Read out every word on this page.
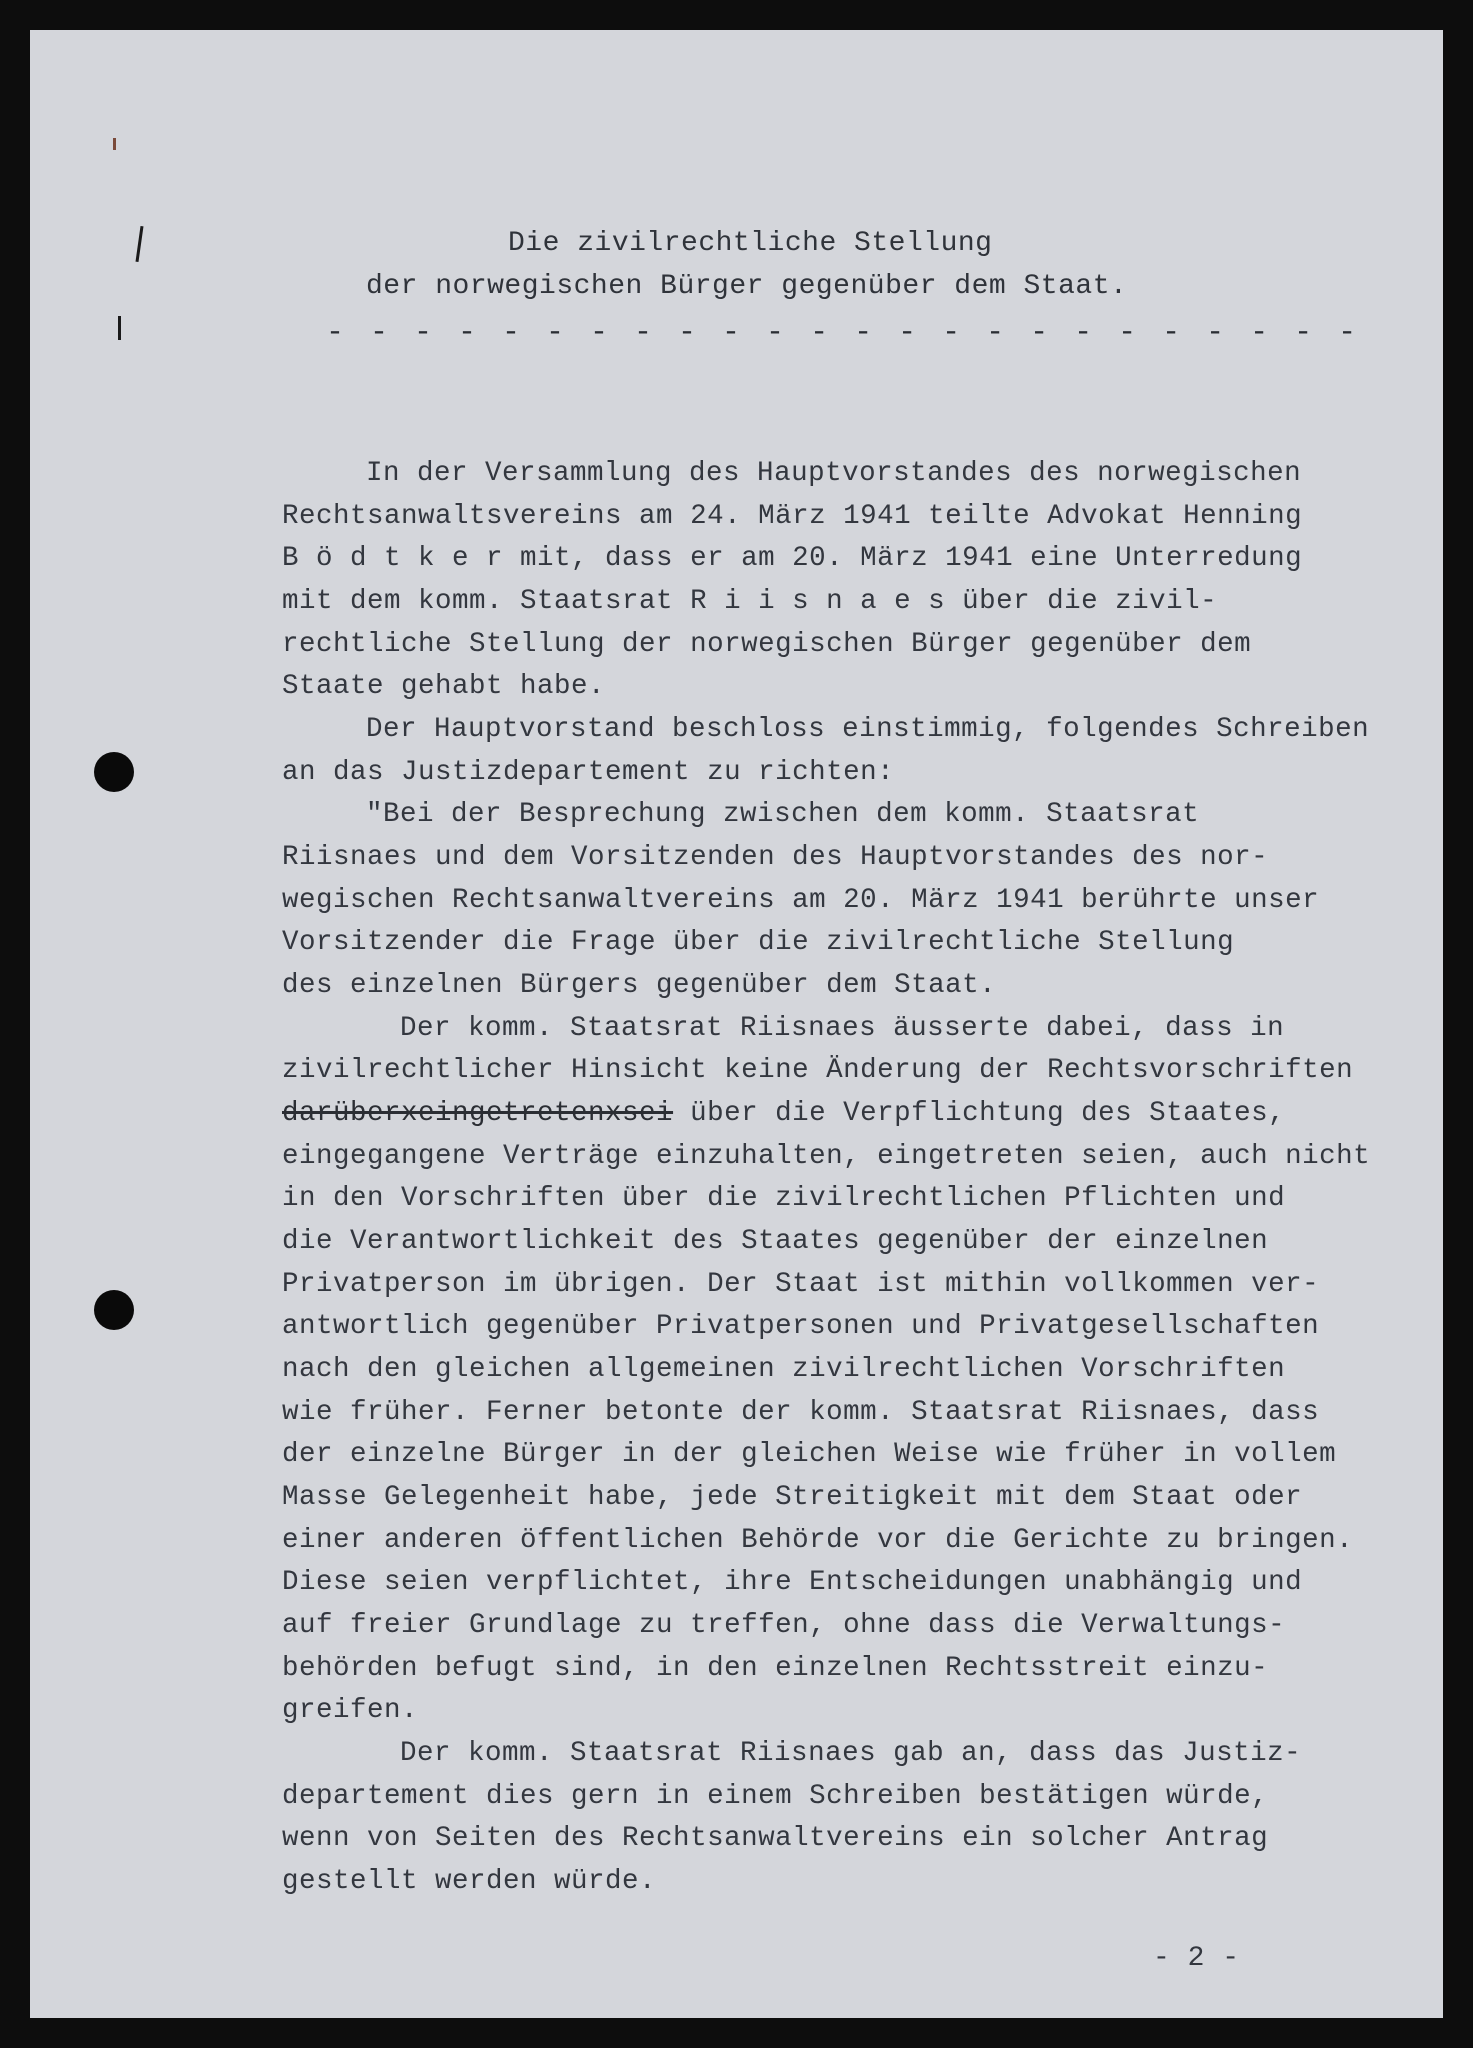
Die zivilrechtliche Stellung
der norwegischen Bürger gegenüber dem Staat.
- - - - - - - - - - - - - - - - - - - - - - - -
In der Versammlung des Hauptvorstandes des norwegischen
Rechtsanwaltsvereins am 24. März 1941 teilte Advokat Henning
B ö d t k e r mit, dass er am 20. März 1941 eine Unterredung
mit dem komm. Staatsrat R i i s n a e s über die zivil-
rechtliche Stellung der norwegischen Bürger gegenüber dem
Staate gehabt habe.
Der Hauptvorstand beschloss einstimmig, folgendes Schreiben
an das Justizdepartement zu richten:
"Bei der Besprechung zwischen dem komm. Staatsrat
Riisnaes und dem Vorsitzenden des Hauptvorstandes des nor-
wegischen Rechtsanwaltvereins am 20. März 1941 berührte unser
Vorsitzender die Frage über die zivilrechtliche Stellung
des einzelnen Bürgers gegenüber dem Staat.
Der komm. Staatsrat Riisnaes äusserte dabei, dass in
zivilrechtlicher Hinsicht keine Änderung der Rechtsvorschriften
darüberxeingetretenxsei über die Verpflichtung des Staates,
eingegangene Verträge einzuhalten, eingetreten seien, auch nicht
in den Vorschriften über die zivilrechtlichen Pflichten und
die Verantwortlichkeit des Staates gegenüber der einzelnen
Privatperson im übrigen. Der Staat ist mithin vollkommen ver-
antwortlich gegenüber Privatpersonen und Privatgesellschaften
nach den gleichen allgemeinen zivilrechtlichen Vorschriften
wie früher. Ferner betonte der komm. Staatsrat Riisnaes, dass
der einzelne Bürger in der gleichen Weise wie früher in vollem
Masse Gelegenheit habe, jede Streitigkeit mit dem Staat oder
einer anderen öffentlichen Behörde vor die Gerichte zu bringen.
Diese seien verpflichtet, ihre Entscheidungen unabhängig und
auf freier Grundlage zu treffen, ohne dass die Verwaltungs-
behörden befugt sind, in den einzelnen Rechtsstreit einzu-
greifen.
Der komm. Staatsrat Riisnaes gab an, dass das Justiz-
departement dies gern in einem Schreiben bestätigen würde,
wenn von Seiten des Rechtsanwaltvereins ein solcher Antrag
gestellt werden würde.
- 2 -
